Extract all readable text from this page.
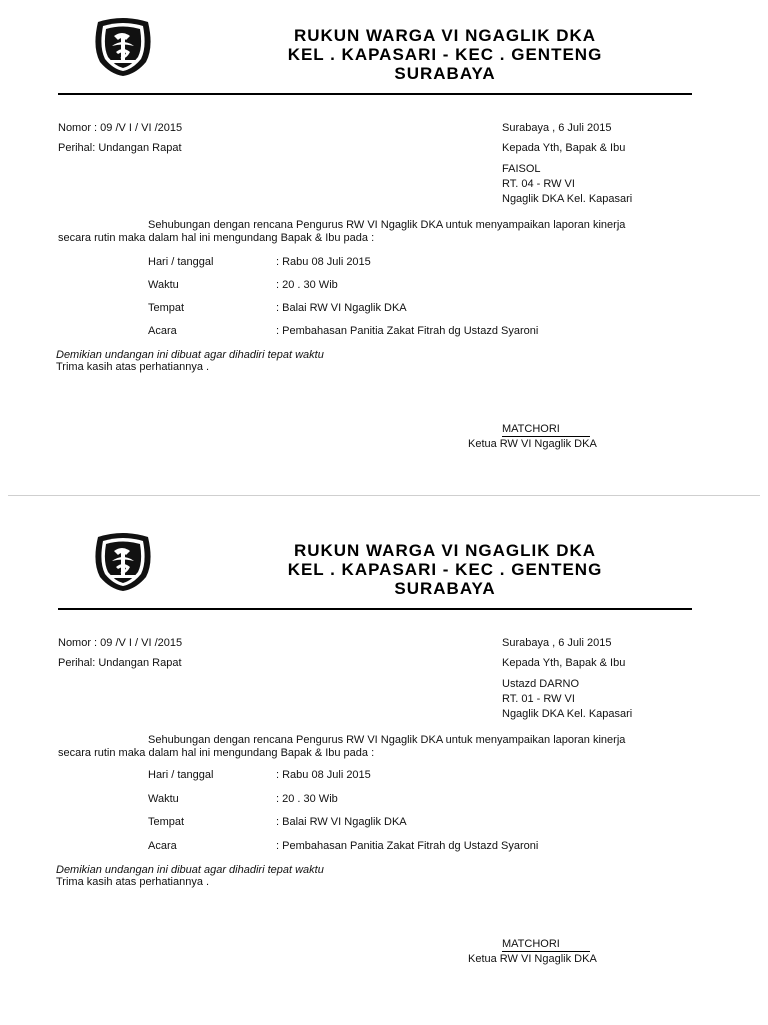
RUKUN WARGA VI NGAGLIK DKA
KEL . KAPASARI - KEC . GENTENG
SURABAYA
Nomor : 09 /V I / VI /2015
Perihal: Undangan Rapat
Surabaya , 6 Juli 2015
Kepada Yth, Bapak & Ibu
FAISOL
RT. 04 - RW VI
Ngaglik DKA Kel. Kapasari
Sehubungan dengan rencana Pengurus RW VI Ngaglik DKA untuk menyampaikan laporan kinerja
secara rutin maka dalam hal ini mengundang Bapak & Ibu pada :
Hari / tanggal	: Rabu 08 Juli 2015
Waktu	: 20 . 30 Wib
Tempat	: Balai RW VI Ngaglik DKA
Acara	: Pembahasan Panitia Zakat Fitrah dg Ustazd Syaroni
Demikian undangan ini dibuat agar dihadiri tepat waktu
Trima kasih atas perhatiannya .
MATCHORI
Ketua RW VI Ngaglik DKA
RUKUN WARGA VI NGAGLIK DKA
KEL . KAPASARI - KEC . GENTENG
SURABAYA
Nomor : 09 /V I / VI /2015
Perihal: Undangan Rapat
Surabaya , 6 Juli 2015
Kepada Yth, Bapak & Ibu
Ustazd DARNO
RT. 01 - RW VI
Ngaglik DKA Kel. Kapasari
Sehubungan dengan rencana Pengurus RW VI Ngaglik DKA untuk menyampaikan laporan kinerja
secara rutin maka dalam hal ini mengundang Bapak & Ibu pada :
Hari / tanggal	: Rabu 08 Juli 2015
Waktu	: 20 . 30 Wib
Tempat	: Balai RW VI Ngaglik DKA
Acara	: Pembahasan Panitia Zakat Fitrah dg Ustazd Syaroni
Demikian undangan ini dibuat agar dihadiri tepat waktu
Trima kasih atas perhatiannya .
MATCHORI
Ketua RW VI Ngaglik DKA
